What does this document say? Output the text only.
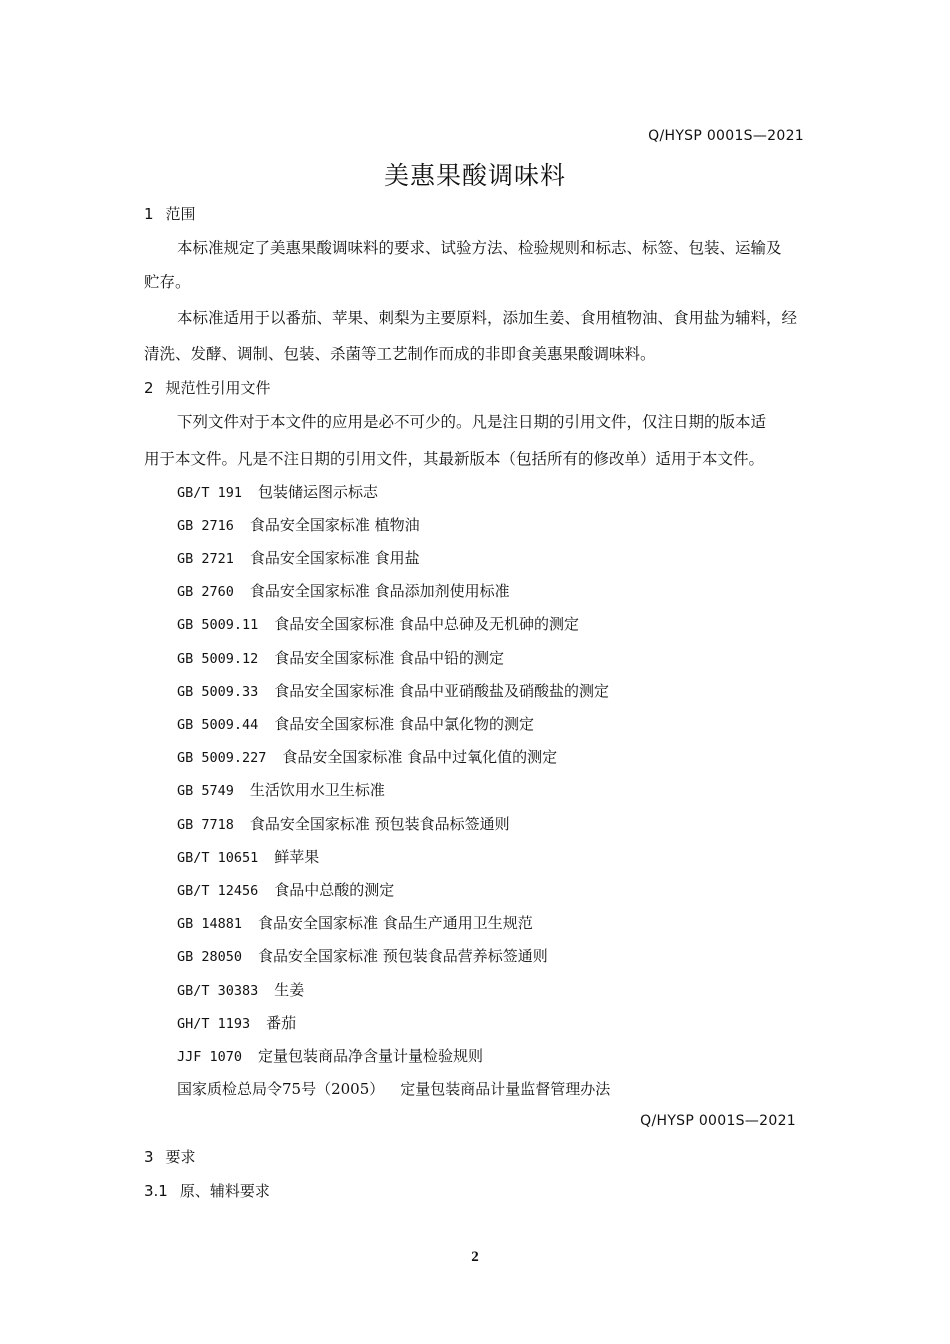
Q/HYSP 0001S—2021
美惠果酸调味料
1 范围
本标准规定了美惠果酸调味料的要求、试验方法、检验规则和标志、标签、包装、运输及
贮存。
本标准适用于以番茄、苹果、刺梨为主要原料，添加生姜、食用植物油、食用盐为辅料，经
清洗、发酵、调制、包装、杀菌等工艺制作而成的非即食美惠果酸调味料。
2 规范性引用文件
下列文件对于本文件的应用是必不可少的。凡是注日期的引用文件，仅注日期的版本适
用于本文件。凡是不注日期的引用文件，其最新版本（包括所有的修改单）适用于本文件。
GB/T 191 包装储运图示标志
GB 2716 食品安全国家标准 植物油
GB 2721 食品安全国家标准 食用盐
GB 2760 食品安全国家标准 食品添加剂使用标准
GB 5009.11 食品安全国家标准 食品中总砷及无机砷的测定
GB 5009.12 食品安全国家标准 食品中铅的测定
GB 5009.33 食品安全国家标准 食品中亚硝酸盐及硝酸盐的测定
GB 5009.44 食品安全国家标准 食品中氯化物的测定
GB 5009.227 食品安全国家标准 食品中过氧化值的测定
GB 5749 生活饮用水卫生标准
GB 7718 食品安全国家标准 预包装食品标签通则
GB/T 10651 鲜苹果
GB/T 12456 食品中总酸的测定
GB 14881 食品安全国家标准 食品生产通用卫生规范
GB 28050 食品安全国家标准 预包装食品营养标签通则
GB/T 30383 生姜
GH/T 1193 番茄
JJF 1070 定量包装商品净含量计量检验规则
国家质检总局令75号（2005） 定量包装商品计量监督管理办法
Q/HYSP 0001S—2021
3 要求
3.1 原、辅料要求
2
